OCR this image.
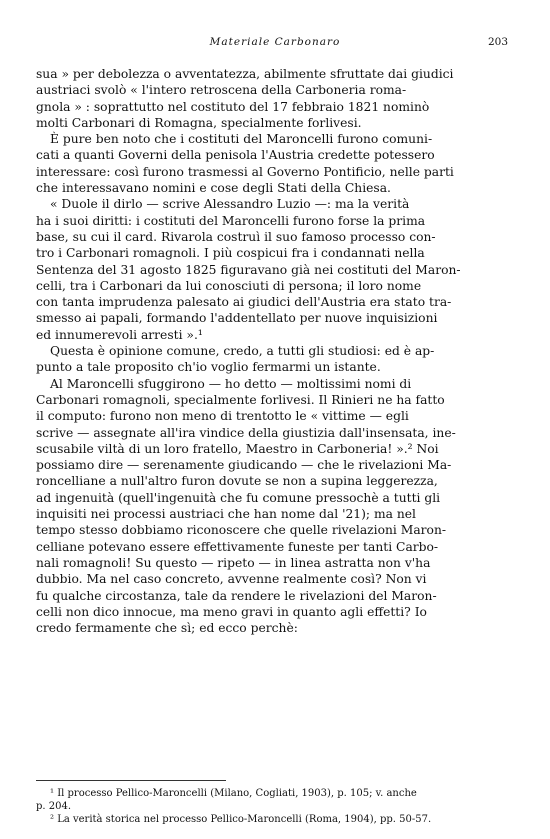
Materiale Carbonaro	203
sua » per debolezza o avventatezza, abilmente sfruttate dai giudici
austriaci svolò « l'intero retroscena della Carboneria roma-
gnola » : soprattutto nel costituto del 17 febbraio 1821 nominò
molti Carbonari di Romagna, specialmente forlivesi.
È pure ben noto che i costituti del Maroncelli furono comuni-
cati a quanti Governi della penisola l'Austria credette potessero
interessare: così furono trasmessi al Governo Pontificio, nelle parti
che interessavano nomini e cose degli Stati della Chiesa.
« Duole il dirlo — scrive Alessandro Luzio —: ma la verità
ha i suoi diritti: i costituti del Maroncelli furono forse la prima
base, su cui il card. Rivarola costruì il suo famoso processo con-
tro i Carbonari romagnoli. I più cospicui fra i condannati nella
Sentenza del 31 agosto 1825 figuravano già nei costituti del Maron-
celli, tra i Carbonari da lui conosciuti di persona; il loro nome
con tanta imprudenza palesato ai giudici dell'Austria era stato tra-
smesso ai papali, formando l'addentellato per nuove inquisizioni
ed innumerevoli arresti ».¹
Questa è opinione comune, credo, a tutti gli studiosi: ed è ap-
punto a tale proposito ch'io voglio fermarmi un istante.
Al Maroncelli sfuggirono — ho detto — moltissimi nomi di
Carbonari romagnoli, specialmente forlivesi. Il Rinieri ne ha fatto
il computo: furono non meno di trentotto le « vittime — egli
scrive — assegnate all'ira vindice della giustizia dall'insensata, ine-
scusabile viltà di un loro fratello, Maestro in Carboneria! ».² Noi
possiamo dire — serenamente giudicando — che le rivelazioni Ma-
roncelliane a null'altro furon dovute se non a supina leggerezza,
ad ingenuità (quell'ingenuità che fu comune pressochè a tutti gli
inquisiti nei processi austriaci che han nome dal '21); ma nel
tempo stesso dobbiamo riconoscere che quelle rivelazioni Maron-
celliane potevano essere effettivamente funeste per tanti Carbo-
nali romagnoli! Su questo — ripeto — in linea astratta non v'ha
dubbio. Ma nel caso concreto, avvenne realmente così? Non vi
fu qualche circostanza, tale da rendere le rivelazioni del Maron-
celli non dico innocue, ma meno gravi in quanto agli effetti? Io
credo fermamente che sì; ed ecco perchè:
¹ Il processo Pellico-Maroncelli (Milano, Cogliati, 1903), p. 105; v. anche
p. 204.
² La verità storica nel processo Pellico-Maroncelli (Roma, 1904), pp. 50-57.
